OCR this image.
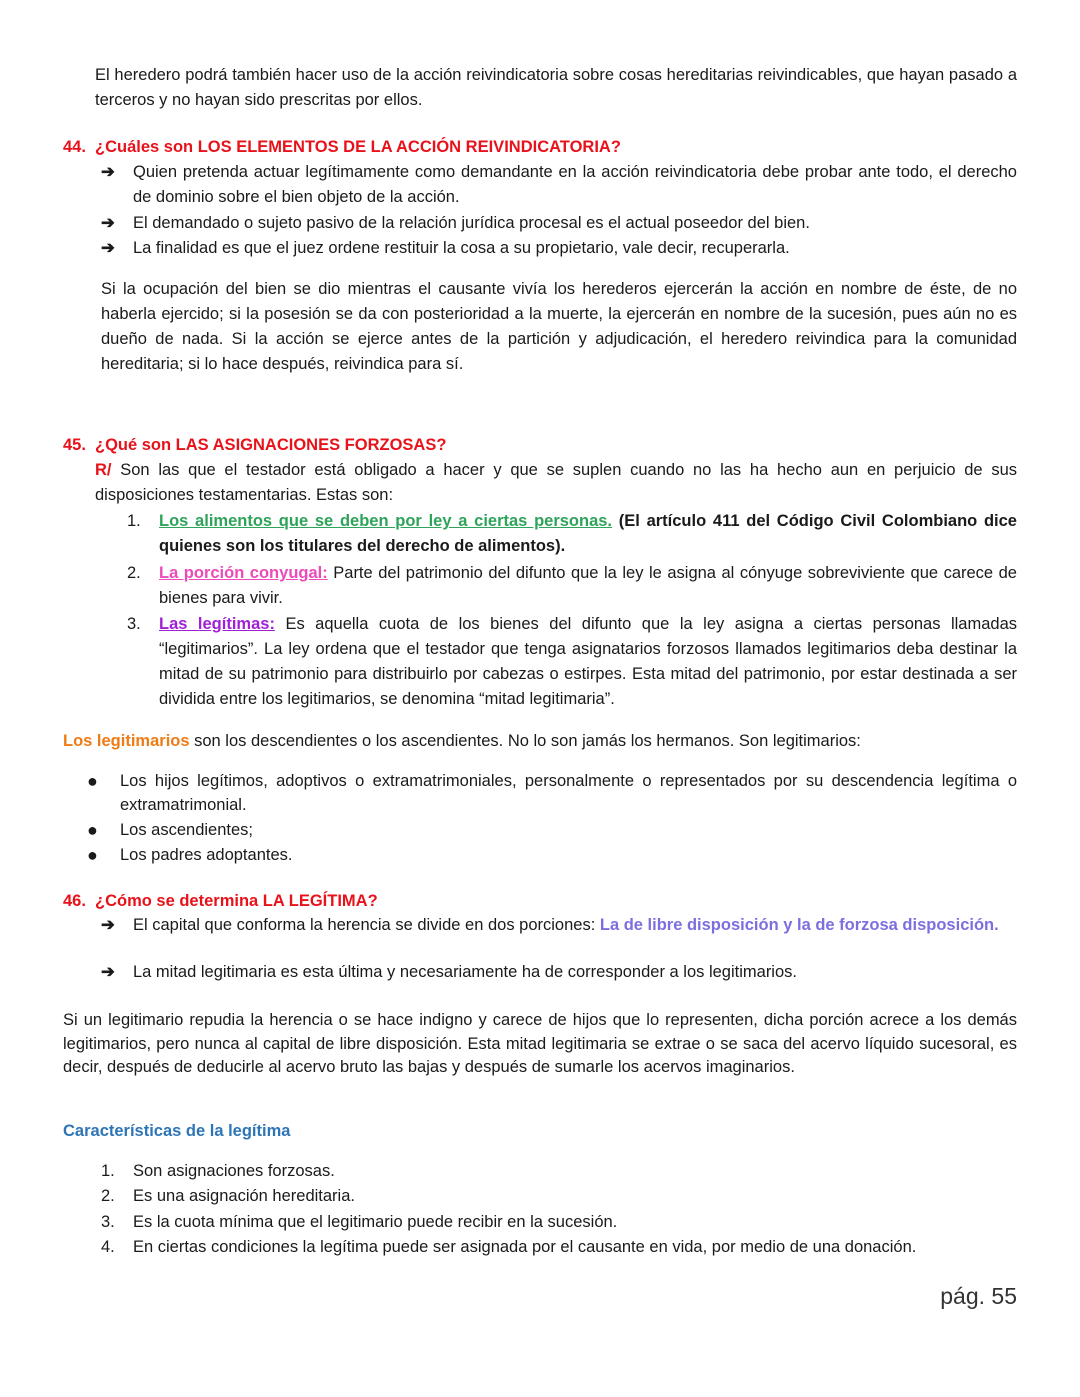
El heredero podrá también hacer uso de la acción reivindicatoria sobre cosas hereditarias reivindicables, que hayan pasado a terceros y no hayan sido prescritas por ellos.
44. ¿Cuáles son LOS ELEMENTOS DE LA ACCIÓN REIVINDICATORIA?
➔ Quien pretenda actuar legítimamente como demandante en la acción reivindicatoria debe probar ante todo, el derecho de dominio sobre el bien objeto de la acción.
➔ El demandado o sujeto pasivo de la relación jurídica procesal es el actual poseedor del bien.
➔ La finalidad es que el juez ordene restituir la cosa a su propietario, vale decir, recuperarla.
Si la ocupación del bien se dio mientras el causante vivía los herederos ejercerán la acción en nombre de éste, de no haberla ejercido; si la posesión se da con posterioridad a la muerte, la ejercerán en nombre de la sucesión, pues aún no es dueño de nada. Si la acción se ejerce antes de la partición y adjudicación, el heredero reivindica para la comunidad hereditaria; si lo hace después, reivindica para sí.
45. ¿Qué son LAS ASIGNACIONES FORZOSAS?
R/ Son las que el testador está obligado a hacer y que se suplen cuando no las ha hecho aun en perjuicio de sus disposiciones testamentarias. Estas son:
1. Los alimentos que se deben por ley a ciertas personas. (El artículo 411 del Código Civil Colombiano dice quienes son los titulares del derecho de alimentos).
2. La porción conyugal: Parte del patrimonio del difunto que la ley le asigna al cónyuge sobreviviente que carece de bienes para vivir.
3. Las legítimas: Es aquella cuota de los bienes del difunto que la ley asigna a ciertas personas llamadas “legitimarios”. La ley ordena que el testador que tenga asignatarios forzosos llamados legitimarios deba destinar la mitad de su patrimonio para distribuirlo por cabezas o estirpes. Esta mitad del patrimonio, por estar destinada a ser dividida entre los legitimarios, se denomina “mitad legitimaria”.
Los legitimarios son los descendientes o los ascendientes. No lo son jamás los hermanos. Son legitimarios:
● Los hijos legítimos, adoptivos o extramatrimoniales, personalmente o representados por su descendencia legítima o extramatrimonial.
● Los ascendientes;
● Los padres adoptantes.
46. ¿Cómo se determina LA LEGÍTIMA?
➔ El capital que conforma la herencia se divide en dos porciones: La de libre disposición y la de forzosa disposición.
➔ La mitad legitimaria es esta última y necesariamente ha de corresponder a los legitimarios.
Si un legitimario repudia la herencia o se hace indigno y carece de hijos que lo representen, dicha porción acrece a los demás legitimarios, pero nunca al capital de libre disposición. Esta mitad legitimaria se extrae o se saca del acervo líquido sucesoral, es decir, después de deducirle al acervo bruto las bajas y después de sumarle los acervos imaginarios.
Características de la legítima
1. Son asignaciones forzosas.
2. Es una asignación hereditaria.
3. Es la cuota mínima que el legitimario puede recibir en la sucesión.
4. En ciertas condiciones la legítima puede ser asignada por el causante en vida, por medio de una donación.
pág. 55
